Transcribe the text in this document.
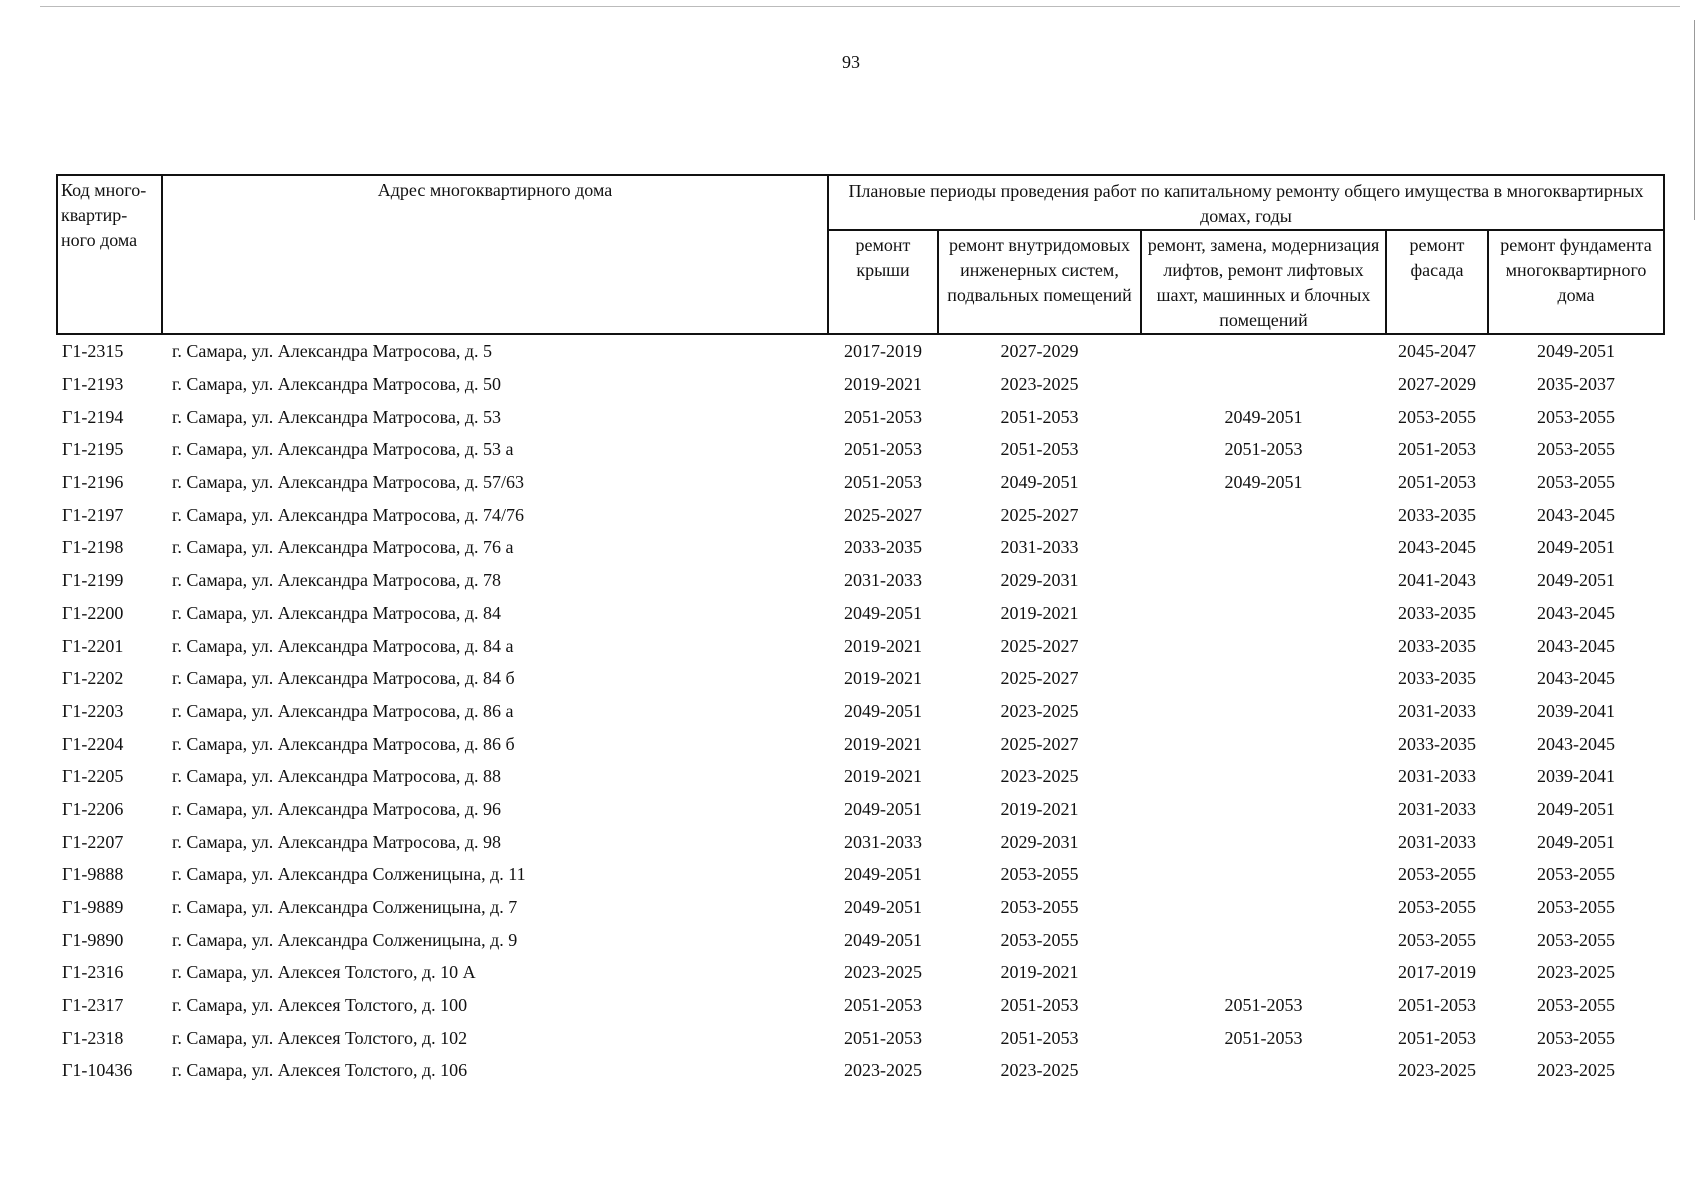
93
Код много-квартир-ного дома	Адрес многоквартирного дома	Плановые периоды проведения работ по капитальному ремонту общего имущества в многоквартирных домах, годы				
		ремонт крыши	ремонт внутридомовых инженерных систем, подвальных помещений	ремонт, замена, модернизация лифтов, ремонт лифтовых шахт, машинных и блочных помещений	ремонт фасада	ремонт фундамента многоквартирного дома
Г1-2315	г. Самара, ул. Александра Матросова, д. 5	2017-2019	2027-2029		2045-2047	2049-2051
Г1-2193	г. Самара, ул. Александра Матросова, д. 50	2019-2021	2023-2025		2027-2029	2035-2037
Г1-2194	г. Самара, ул. Александра Матросова, д. 53	2051-2053	2051-2053	2049-2051	2053-2055	2053-2055
Г1-2195	г. Самара, ул. Александра Матросова, д. 53 а	2051-2053	2051-2053	2051-2053	2051-2053	2053-2055
Г1-2196	г. Самара, ул. Александра Матросова, д. 57/63	2051-2053	2049-2051	2049-2051	2051-2053	2053-2055
Г1-2197	г. Самара, ул. Александра Матросова, д. 74/76	2025-2027	2025-2027		2033-2035	2043-2045
Г1-2198	г. Самара, ул. Александра Матросова, д. 76 а	2033-2035	2031-2033		2043-2045	2049-2051
Г1-2199	г. Самара, ул. Александра Матросова, д. 78	2031-2033	2029-2031		2041-2043	2049-2051
Г1-2200	г. Самара, ул. Александра Матросова, д. 84	2049-2051	2019-2021		2033-2035	2043-2045
Г1-2201	г. Самара, ул. Александра Матросова, д. 84 а	2019-2021	2025-2027		2033-2035	2043-2045
Г1-2202	г. Самара, ул. Александра Матросова, д. 84 б	2019-2021	2025-2027		2033-2035	2043-2045
Г1-2203	г. Самара, ул. Александра Матросова, д. 86 а	2049-2051	2023-2025		2031-2033	2039-2041
Г1-2204	г. Самара, ул. Александра Матросова, д. 86 б	2019-2021	2025-2027		2033-2035	2043-2045
Г1-2205	г. Самара, ул. Александра Матросова, д. 88	2019-2021	2023-2025		2031-2033	2039-2041
Г1-2206	г. Самара, ул. Александра Матросова, д. 96	2049-2051	2019-2021		2031-2033	2049-2051
Г1-2207	г. Самара, ул. Александра Матросова, д. 98	2031-2033	2029-2031		2031-2033	2049-2051
Г1-9888	г. Самара, ул. Александра Солженицына, д. 11	2049-2051	2053-2055		2053-2055	2053-2055
Г1-9889	г. Самара, ул. Александра Солженицына, д. 7	2049-2051	2053-2055		2053-2055	2053-2055
Г1-9890	г. Самара, ул. Александра Солженицына, д. 9	2049-2051	2053-2055		2053-2055	2053-2055
Г1-2316	г. Самара, ул. Алексея Толстого, д. 10 А	2023-2025	2019-2021		2017-2019	2023-2025
Г1-2317	г. Самара, ул. Алексея Толстого, д. 100	2051-2053	2051-2053	2051-2053	2051-2053	2053-2055
Г1-2318	г. Самара, ул. Алексея Толстого, д. 102	2051-2053	2051-2053	2051-2053	2051-2053	2053-2055
Г1-10436	г. Самара, ул. Алексея Толстого, д. 106	2023-2025	2023-2025		2023-2025	2023-2025
